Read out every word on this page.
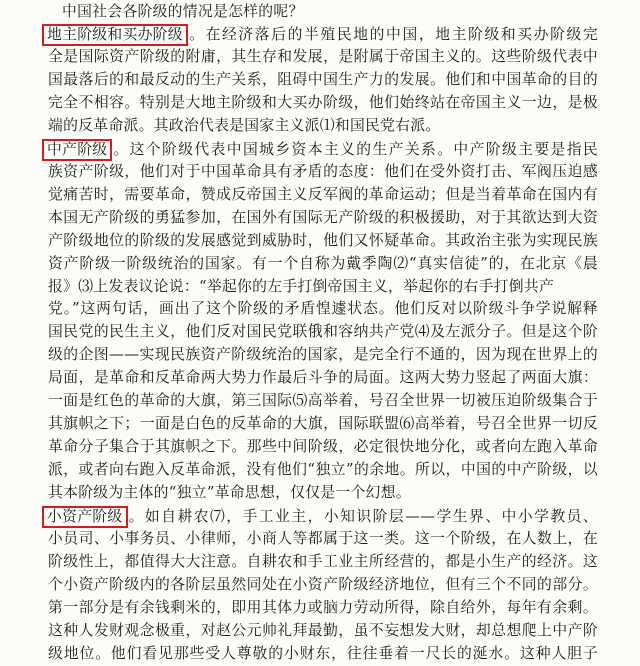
中国社会各阶级的情况是怎样的呢？
地主阶级和买办阶级 。在经济落后的半殖民地的中国，地主阶级和买办阶级完
全是国际资产阶级的附庸，其生存和发展，是附属于帝国主义的。这些阶级代表中
国最落后的和最反动的生产关系，阻碍中国生产力的发展。他们和中国革命的目的
完全不相容。特别是大地主阶级和大买办阶级，他们始终站在帝国主义一边，是极
端的反革命派。其政治代表是国家主义派⑴和国民党右派。
中产阶级 。这个阶级代表中国城乡资本主义的生产关系。中产阶级主要是指民
族资产阶级，他们对于中国革命具有矛盾的态度：他们在受外资打击、军阀压迫感
觉痛苦时，需要革命，赞成反帝国主义反军阀的革命运动；但是当着革命在国内有
本国无产阶级的勇猛参加，在国外有国际无产阶级的积极援助，对于其欲达到大资
产阶级地位的阶级的发展感觉到威胁时，他们又怀疑革命。其政治主张为实现民族
资产阶级一阶级统治的国家。有一个自称为戴季陶⑵“真实信徒”的，在北京《晨
报》⑶上发表议论说：“举起你的左手打倒帝国主义，举起你的右手打倒共产
党。”这两句话，画出了这个阶级的矛盾惶遽状态。他们反对以阶级斗争学说解释
国民党的民生主义，他们反对国民党联俄和容纳共产党⑷及左派分子。但是这个阶
级的企图——实现民族资产阶级统治的国家，是完全行不通的，因为现在世界上的
局面，是革命和反革命两大势力作最后斗争的局面。这两大势力竖起了两面大旗：
一面是红色的革命的大旗，第三国际⑸高举着，号召全世界一切被压迫阶级集合于
其旗帜之下；一面是白色的反革命的大旗，国际联盟⑹高举着，号召全世界一切反
革命分子集合于其旗帜之下。那些中间阶级，必定很快地分化，或者向左跑入革命
派，或者向右跑入反革命派，没有他们“独立”的余地。所以，中国的中产阶级，以
其本阶级为主体的“独立”革命思想，仅仅是一个幻想。
小资产阶级 。如自耕农⑺，手工业主，小知识阶层——学生界、中小学教员、
小员司、小事务员、小律师，小商人等都属于这一类。这一个阶级，在人数上，在
阶级性上，都值得大大注意。自耕农和手工业主所经营的，都是小生产的经济。这
个小资产阶级内的各阶层虽然同处在小资产阶级经济地位，但有三个不同的部分。
第一部分是有余钱剩米的，即用其体力或脑力劳动所得，除自给外，每年有余剩。
这种人发财观念极重，对赵公元帅礼拜最勤，虽不妄想发大财，却总想爬上中产阶
级地位。他们看见那些受人尊敬的小财东，往往垂着一尺长的涎水。这种人胆子
